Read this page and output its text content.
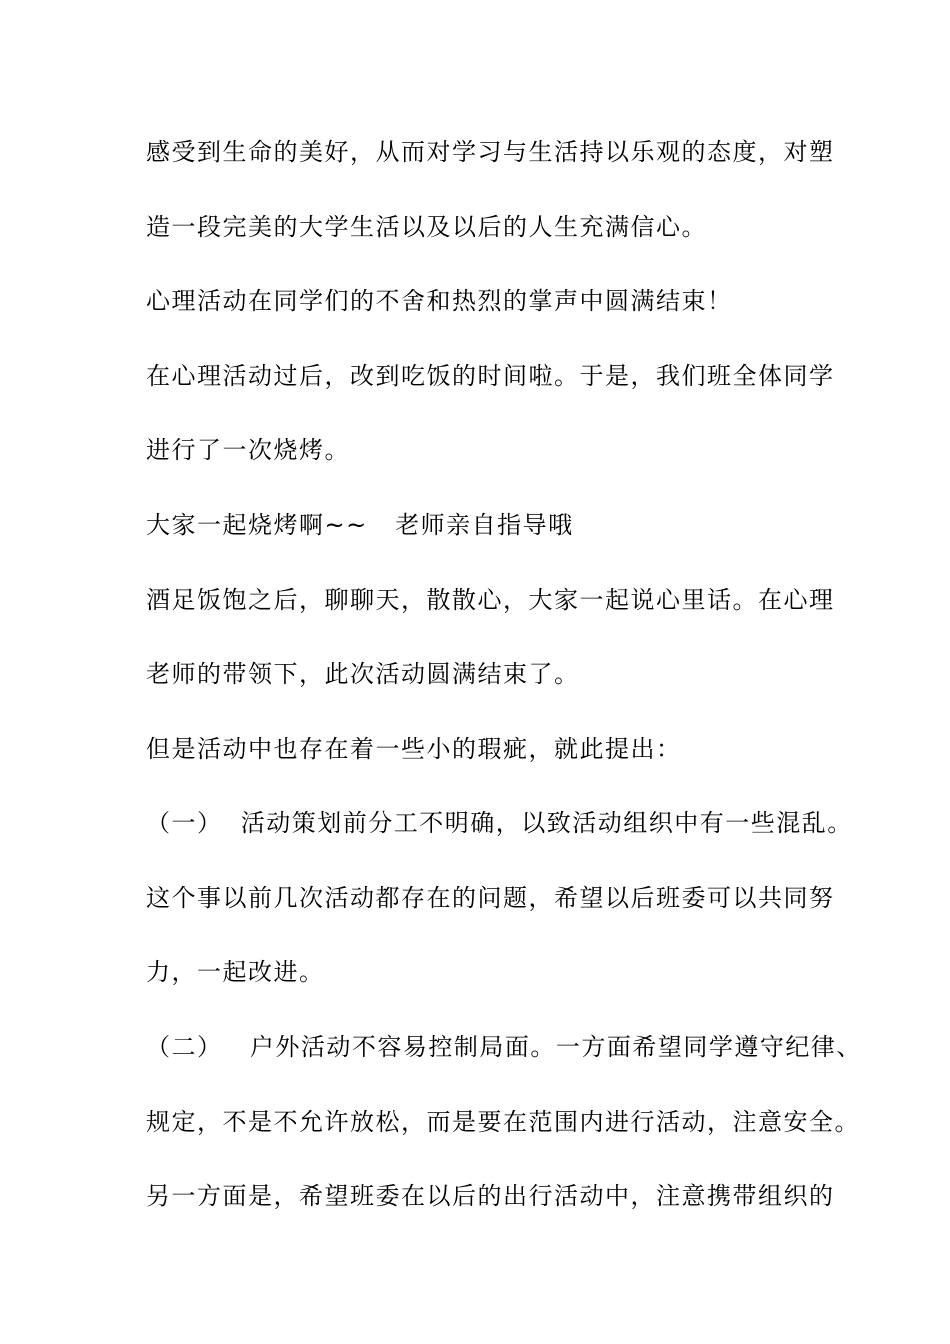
感受到生命的美好，从而对学习与生活持以乐观的态度，对塑
造一段完美的大学生活以及以后的人生充满信心。
心理活动在同学们的不舍和热烈的掌声中圆满结束！
在心理活动过后，改到吃饭的时间啦。于是，我们班全体同学
进行了一次烧烤。
大家一起烧烤啊~~   老师亲自指导哦
酒足饭饱之后，聊聊天，散散心，大家一起说心里话。在心理
老师的带领下，此次活动圆满结束了。
但是活动中也存在着一些小的瑕疵，就此提出：
（一）  活动策划前分工不明确，以致活动组织中有一些混乱。
这个事以前几次活动都存在的问题，希望以后班委可以共同努
力，一起改进。
（二）   户外活动不容易控制局面。一方面希望同学遵守纪律、
规定，不是不允许放松，而是要在范围内进行活动，注意安全。
另一方面是，希望班委在以后的出行活动中，注意携带组织的
